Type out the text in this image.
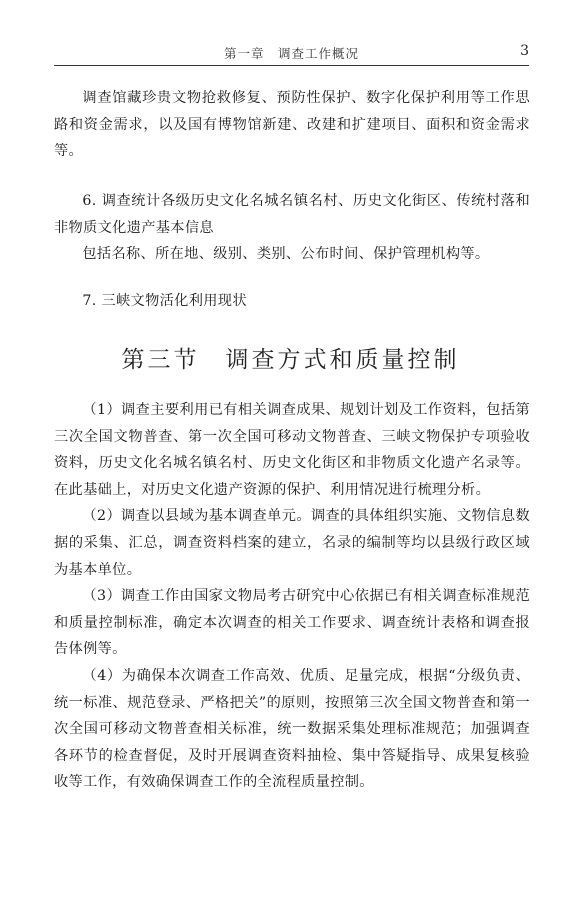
第一章　调查工作概况	3

调查馆藏珍贵文物抢救修复、预防性保护、数字化保护利用等工作思路和资金需求，以及国有博物馆新建、改建和扩建项目、面积和资金需求等。

6. 调查统计各级历史文化名城名镇名村、历史文化街区、传统村落和非物质文化遗产基本信息

包括名称、所在地、级别、类别、公布时间、保护管理机构等。

7. 三峡文物活化利用现状

第三节　调查方式和质量控制

（1）调查主要利用已有相关调查成果、规划计划及工作资料，包括第三次全国文物普查、第一次全国可移动文物普查、三峡文物保护专项验收资料，历史文化名城名镇名村、历史文化街区和非物质文化遗产名录等。在此基础上，对历史文化遗产资源的保护、利用情况进行梳理分析。

（2）调查以县域为基本调查单元。调查的具体组织实施、文物信息数据的采集、汇总，调查资料档案的建立，名录的编制等均以县级行政区域为基本单位。

（3）调查工作由国家文物局考古研究中心依据已有相关调查标准规范和质量控制标准，确定本次调查的相关工作要求、调查统计表格和调查报告体例等。

（4）为确保本次调查工作高效、优质、足量完成，根据“分级负责、统一标准、规范登录、严格把关”的原则，按照第三次全国文物普查和第一次全国可移动文物普查相关标准，统一数据采集处理标准规范；加强调查各环节的检查督促，及时开展调查资料抽检、集中答疑指导、成果复核验收等工作，有效确保调查工作的全流程质量控制。
